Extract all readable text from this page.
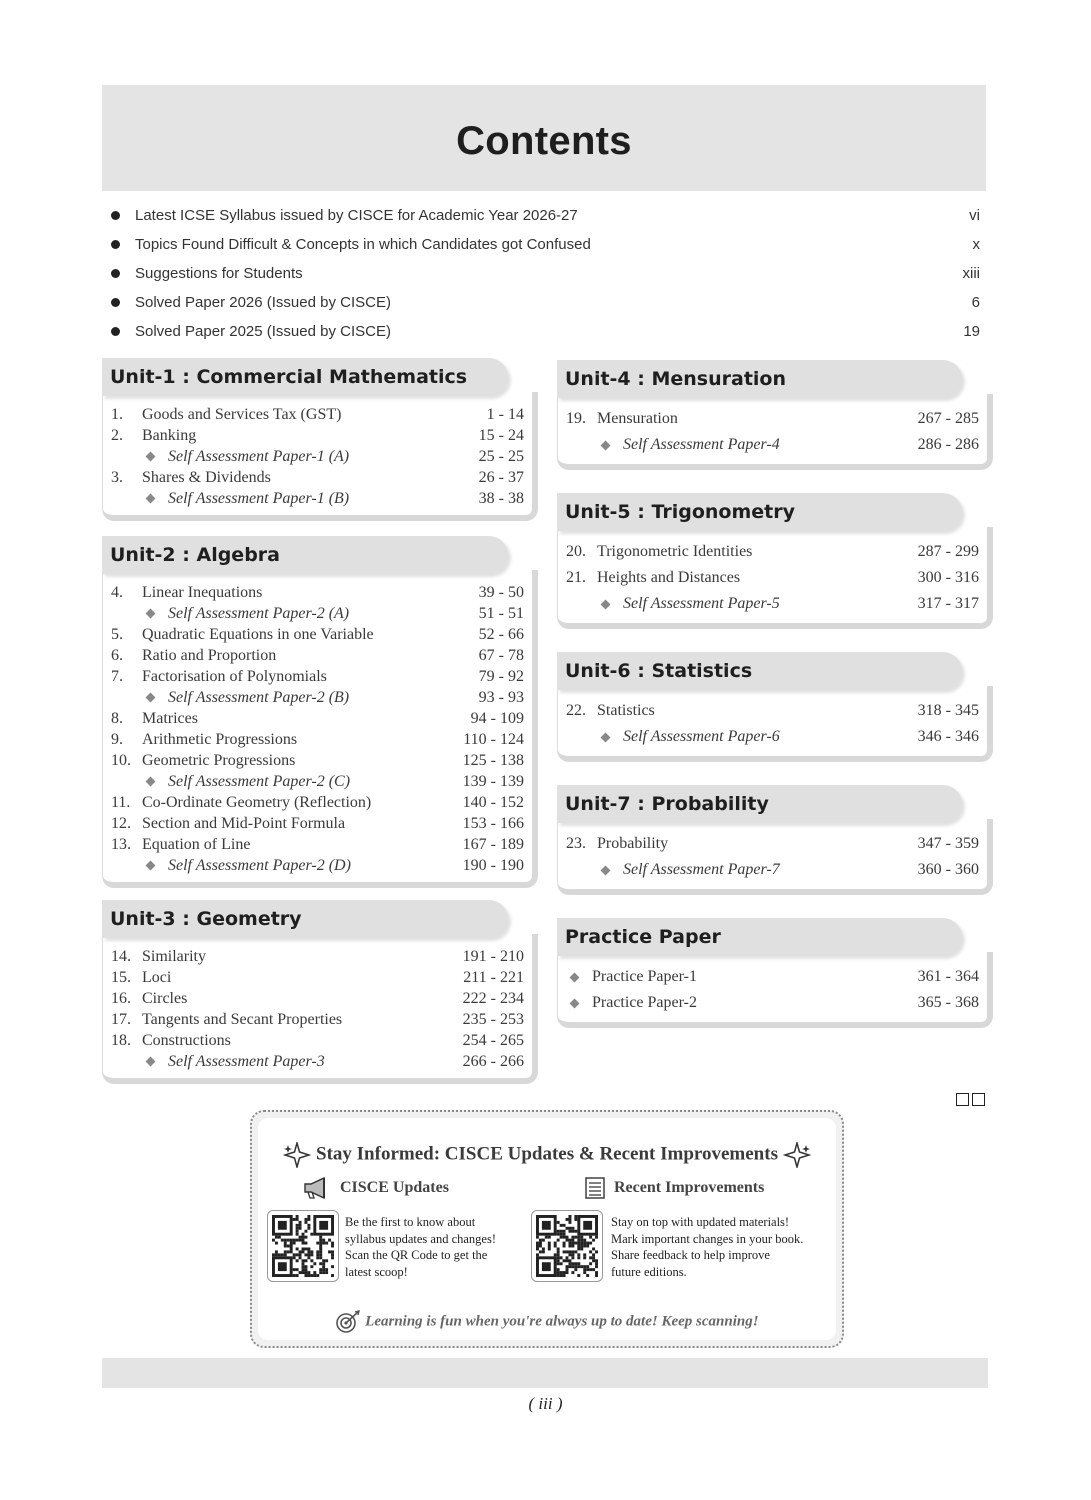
Contents
Latest ICSE Syllabus issued by CISCE for Academic Year 2026-27	vi
Topics Found Difficult & Concepts in which Candidates got Confused	x
Suggestions for Students	xiii
Solved Paper 2026 (Issued by CISCE)	6
Solved Paper 2025 (Issued by CISCE)	19
Unit-1 : Commercial Mathematics
1.	Goods and Services Tax (GST)	1 - 14
2.	Banking	15 - 24
Self Assessment Paper-1 (A)	25 - 25
3.	Shares & Dividends	26 - 37
Self Assessment Paper-1 (B)	38 - 38
Unit-2 : Algebra
4.	Linear Inequations	39 - 50
Self Assessment Paper-2 (A)	51 - 51
5.	Quadratic Equations in one Variable	52 - 66
6.	Ratio and Proportion	67 - 78
7.	Factorisation of Polynomials	79 - 92
Self Assessment Paper-2 (B)	93 - 93
8.	Matrices	94 - 109
9.	Arithmetic Progressions	110 - 124
10. Geometric Progressions	125 - 138
Self Assessment Paper-2 (C)	139 - 139
11. Co-Ordinate Geometry (Reflection)	140 - 152
12. Section and Mid-Point Formula	153 - 166
13. Equation of Line	167 - 189
Self Assessment Paper-2 (D)	190 - 190
Unit-3 : Geometry
14. Similarity	191 - 210
15. Loci	211 - 221
16. Circles	222 - 234
17. Tangents and Secant Properties	235 - 253
18. Constructions	254 - 265
Self Assessment Paper-3	266 - 266
Unit-4 : Mensuration
19. Mensuration	267 - 285
Self Assessment Paper-4	286 - 286
Unit-5 : Trigonometry
20. Trigonometric Identities	287 - 299
21. Heights and Distances	300 - 316
Self Assessment Paper-5	317 - 317
Unit-6 : Statistics
22. Statistics	318 - 345
Self Assessment Paper-6	346 - 346
Unit-7 : Probability
23. Probability	347 - 359
Self Assessment Paper-7	360 - 360
Practice Paper
Practice Paper-1	361 - 364
Practice Paper-2	365 - 368
Stay Informed: CISCE Updates & Recent Improvements
CISCE Updates	Recent Improvements
Be the first to know about
syllabus updates and changes!
Scan the QR Code to get the
latest scoop!
Stay on top with updated materials!
Mark important changes in your book.
Share feedback to help improve
future editions.
Learning is fun when you're always up to date! Keep scanning!
( iii )
